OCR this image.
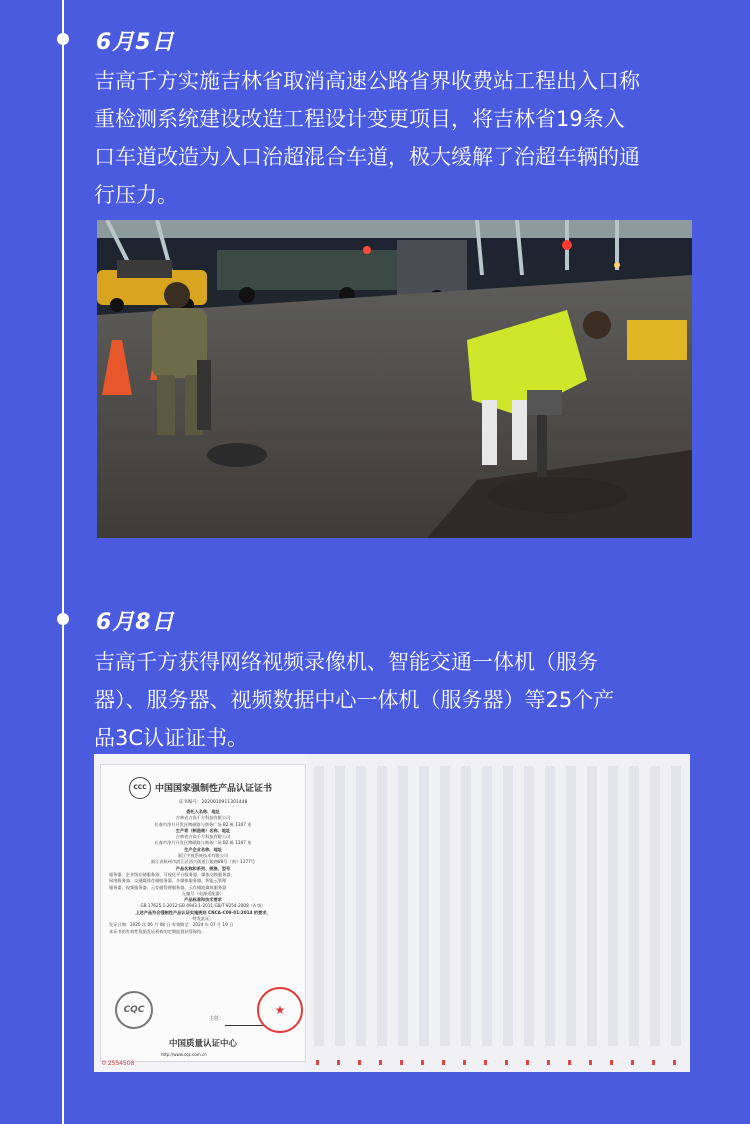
6月5日
吉高千方实施吉林省取消高速公路省界收费站工程出入口称
重检测系统建设改造工程设计变更项目，将吉林省19条入
口车道改造为入口治超混合车道，极大缓解了治超车辆的通
行压力。
6月8日
吉高千方获得网络视频录像机、智能交通一体机（服务
器）、服务器、视频数据中心一体机（服务器）等25个产
品3C认证证书。
CCC 中国国家强制性产品认证证书
证书编号：2020010911301448
委托人名称、地址
吉林省吉高千方科技有限公司
长春市净月开发区博硕路与商务广场 B2 栋 1307 室
生产者（制造商）名称、地址
吉林省吉高千方科技有限公司
长春市净月开发区博硕路与商务广场 B2 栋 1307 室
生产企业名称、地址
浙江宇视系统技术有限公司
浙江省杭州市滨江区西兴街道江陵路88号（南）1277号
产品名称和系列、规格、型号
服务器、企业级存储服务器、可视化平台服务器、媒体交换服务器、
网络服务器、交通媒体存储服务器、多媒体服务器、智能云管理
服务器、视频服务器、云存储管理服务器、云存储流媒体服务器
无编号（电源适配器）
产品标准和技术要求
GB 17625.1-2012;GB 4943.1-2011;GB/T 9254-2008（A 级）
上述产品符合强制性产品认证实施规则 CNCA-C09-01:2014 的要求，
特发此证。
发证日期：2020 年 06 月 08 日 有效期至：2024 年 07 月 19 日
本证书的有效性依据发证机构的定期监督获得保持。
CQC
主任：
★
中国质量认证中心
http://www.cqc.com.cn
0 2554508
